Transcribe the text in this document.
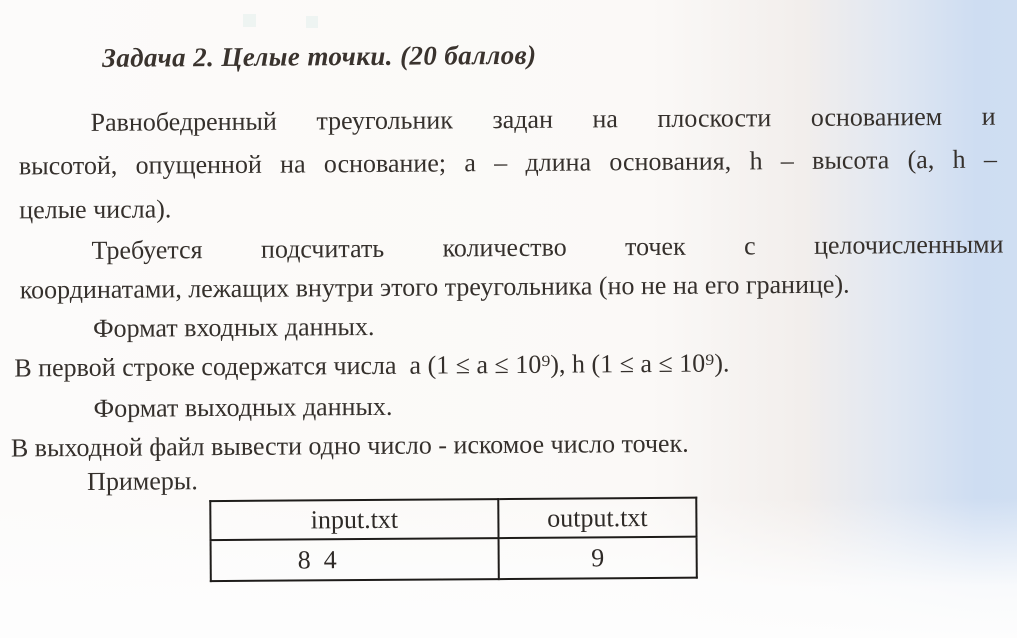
Задача 2. Целые точки. (20 баллов)
Равнобедренный треугольник задан на плоскости основанием и
высотой, опущенной на основание; a – длина основания, h – высота (a, h –
целые числа).
Требуется подсчитать количество точек с целочисленными
координатами, лежащих внутри этого треугольника (но не на его границе).
Формат входных данных.
В первой строке содержатся числа  a (1 ≤ a ≤ 10⁹), h (1 ≤ a ≤ 10⁹).
Формат выходных данных.
В выходной файл вывести одно число - искомое число точек.
Примеры.
input.txt	output.txt
8  4	9
